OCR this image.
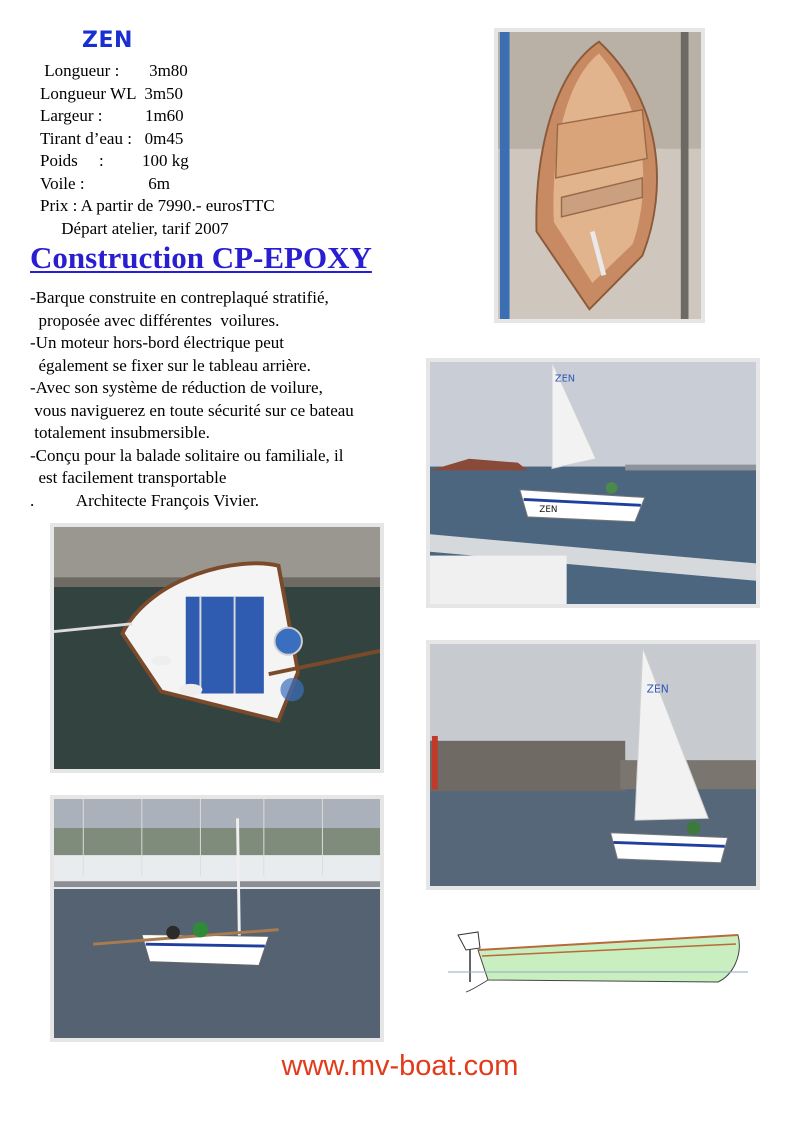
ZEN
Longueur :       3m80
Longueur WL  3m50
Largeur :          1m60
Tirant d’eau :   0m45
Poids     :         100 kg
Voile :               6m
Prix : A partir de 7990.- eurosTTC
Départ atelier, tarif 2007
Construction CP-EPOXY
-Barque construite en contreplaqué stratifié,
proposée avec différentes  voilures.
-Un moteur hors-bord électrique peut
également se fixer sur le tableau arrière.
-Avec son système de réduction de voilure,
vous naviguerez en toute sécurité sur ce bateau
totalement insubmersible.
-Conçu pour la balade solitaire ou familiale, il
est facilement transportable
.          Architecte François Vivier.
ZEN
ZEN
ZEN
www.mv-boat.com
